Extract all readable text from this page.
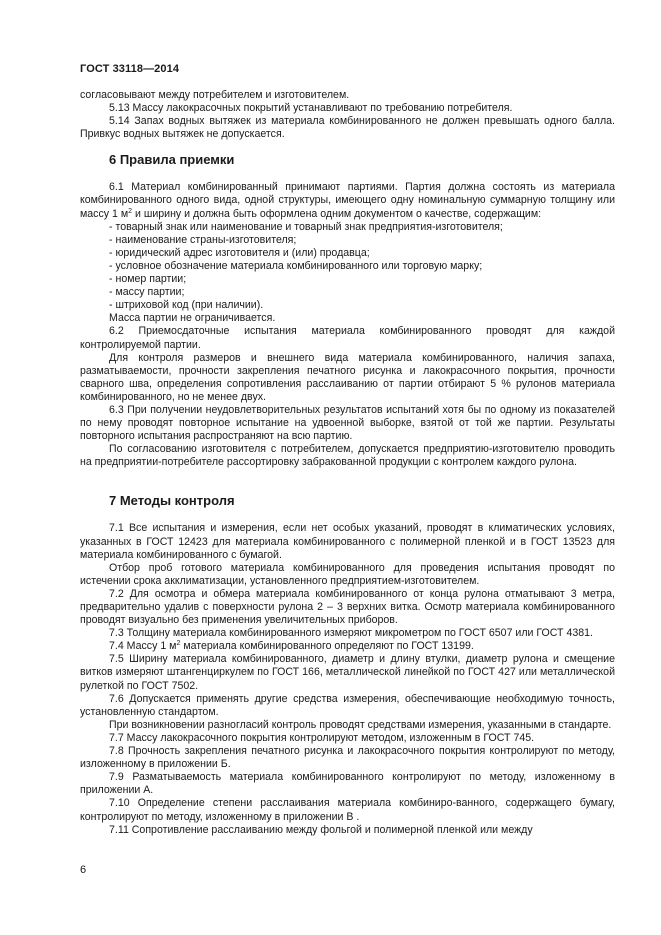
ГОСТ 33118—2014

согласовывают между потребителем и изготовителем.

5.13 Массу лакокрасочных покрытий устанавливают по требованию потребителя.

5.14 Запах водных вытяжек из материала комбинированного не должен превышать одного балла. Привкус водных вытяжек не допускается.

6 Правила приемки

6.1 Материал комбинированный принимают партиями. Партия должна состоять из материала комбинированного одного вида, одной структуры, имеющего одну номинальную суммарную толщину или массу 1 $м^2$ и ширину и должна быть оформлена одним документом о качестве, содержащим:

- товарный знак или наименование и товарный знак предприятия-изготовителя;

- наименование страны-изготовителя;

- юридический адрес изготовителя и (или) продавца;

- условное обозначение материала комбинированного или торговую марку;

- номер партии;

- массу партии;

- штриховой код (при наличии).

Масса партии не ограничивается.

6.2 Приемосдаточные испытания материала комбинированного проводят для каждой контролируемой партии.

Для контроля размеров и внешнего вида материала комбинированного, наличия запаха, разматываемости, прочности закрепления печатного рисунка и лакокрасочного покрытия, прочности сварного шва, определения сопротивления расслаиванию от партии отбирают 5 % рулонов материала комбинированного, но не менее двух.

6.3 При получении неудовлетворительных результатов испытаний хотя бы по одному из показателей по нему проводят повторное испытание на удвоенной выборке, взятой от той же партии. Результаты повторного испытания распространяют на всю партию.

По согласованию изготовителя с потребителем, допускается предприятию-изготовителю проводить на предприятии-потребителе рассортировку забракованной продукции с контролем каждого рулона.

7 Методы контроля

7.1 Все испытания и измерения, если нет особых указаний, проводят в климатических условиях, указанных в ГОСТ 12423 для материала комбинированного с полимерной пленкой и в ГОСТ 13523 для материала комбинированного с бумагой.

Отбор проб готового материала комбинированного для проведения испытания проводят по истечении срока акклиматизации, установленного предприятием-изготовителем.

7.2 Для осмотра и обмера материала комбинированного от конца рулона отматывают 3 метра, предварительно удалив с поверхности рулона 2 – 3 верхних витка. Осмотр материала комбинированного проводят визуально без применения увеличительных приборов.

7.3 Толщину материала комбинированного измеряют микрометром по ГОСТ 6507 или ГОСТ 4381.

7.4 Массу 1 $м^2$ материала комбинированного определяют по ГОСТ 13199.

7.5 Ширину материала комбинированного, диаметр и длину втулки, диаметр рулона и смещение витков измеряют штангенциркулем по ГОСТ 166, металлической линейкой по ГОСТ 427 или металлической рулеткой по ГОСТ 7502.

7.6 Допускается применять другие средства измерения, обеспечивающие необходимую точность, установленную стандартом.

При возникновении разногласий контроль проводят средствами измерения, указанными в стандарте.

7.7 Массу лакокрасочного покрытия контролируют методом, изложенным в ГОСТ 745.

7.8 Прочность закрепления печатного рисунка и лакокрасочного покрытия контролируют по методу, изложенному в приложении Б.

7.9 Разматываемость материала комбинированного контролируют по методу, изложенному в приложении А.

7.10 Определение степени расслаивания материала комбиниро-ванного, содержащего бумагу, контролируют по методу, изложенному в приложении В .

7.11 Сопротивление расслаиванию между фольгой и полимерной пленкой или между

6
